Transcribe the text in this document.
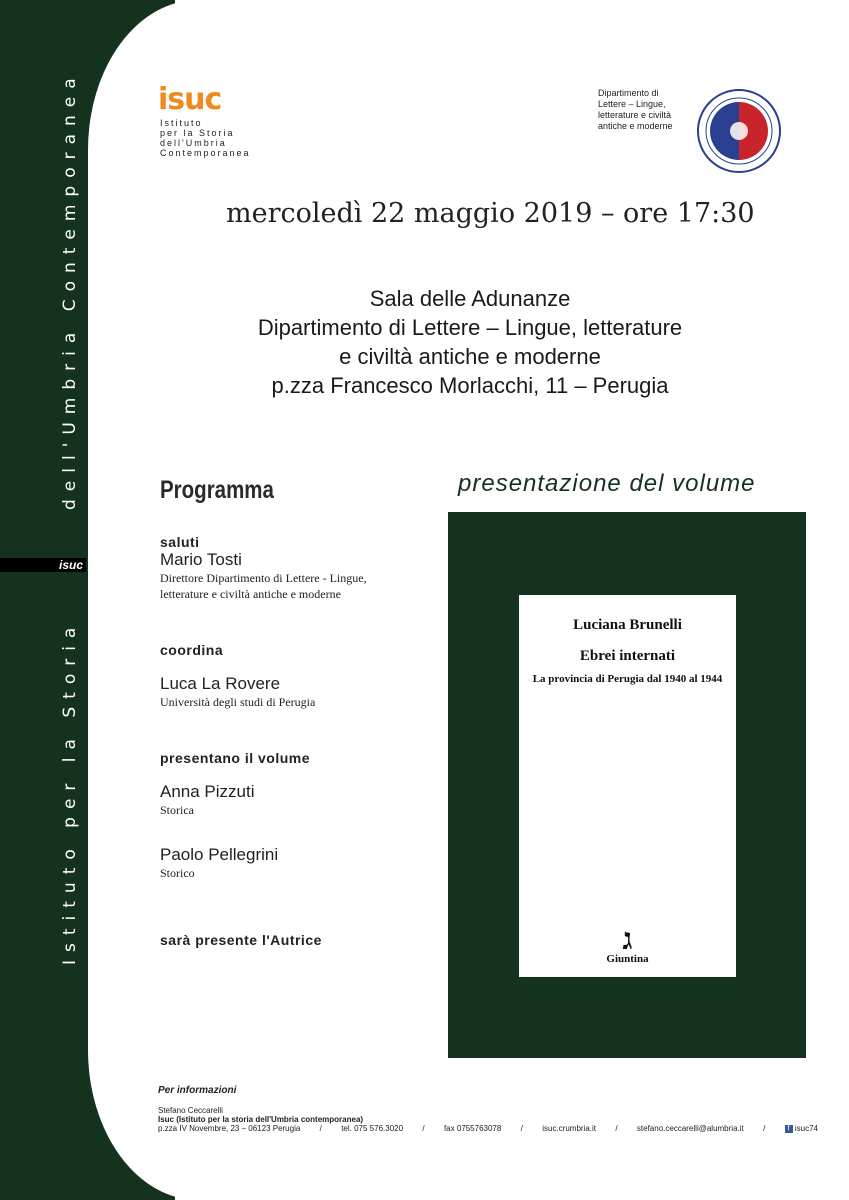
dell'Umbria Contemporanea
Istituto per la Storia
isuc
isuc
Istituto
per la Storia
dell'Umbria
Contemporanea
Dipartimento di
Lettere – Lingue,
letterature e civiltà
antiche e moderne
mercoledì 22 maggio 2019 – ore 17:30
Sala delle Adunanze
Dipartimento di Lettere – Lingue, letterature
e civiltà antiche e moderne
p.zza Francesco Morlacchi, 11 – Perugia
Programma	presentazione del volume
saluti
Mario Tosti
Direttore Dipartimento di Lettere - Lingue,
letterature e civiltà antiche e moderne
coordina
Luca La Rovere
Università degli studi di Perugia
presentano il volume
Anna Pizzuti
Storica
Paolo Pellegrini
Storico
sarà presente l'Autrice
Luciana Brunelli
Ebrei internati
La provincia di Perugia dal 1940 al 1944
ג
Giuntina
Per informazioni
Stefano Ceccarelli
Isuc (Istituto per la storia dell'Umbria contemporanea)
p.zza IV Novembre, 23 – 06123 Perugia / tel. 075 576.3020 / fax 0755763078 / isuc.crumbria.it / stefano.ceccarelli@alumbria.it /	f isuc74
